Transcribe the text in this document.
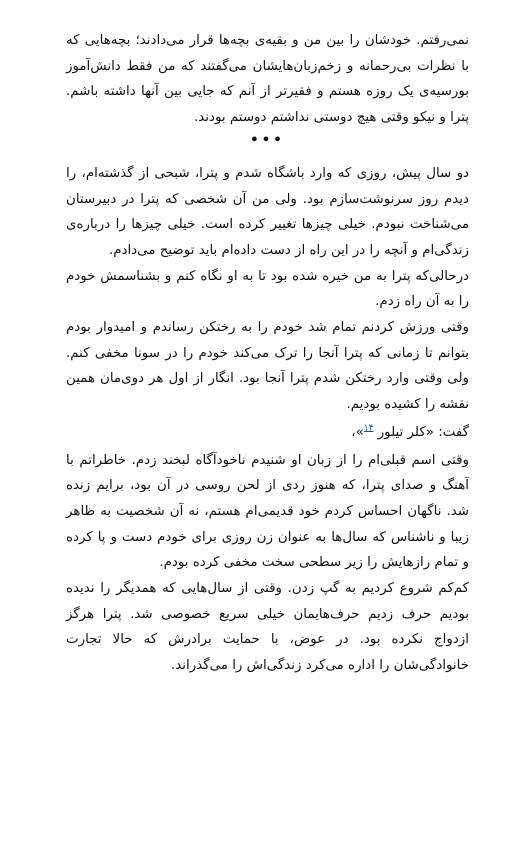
نمی‌رفتم. خودشان را بین من و بقیه‌ی بچه‌ها قرار می‌دادند؛ بچه‌هایی که با نظرات بی‌رحمانه و زخم‌زبان‌هایشان می‌گفتند که من فقط دانش‌آموز بورسیه‌ی یک روزه هستم و فقیرتر از آنم که جایی بین آنها داشته باشم. پترا و نیکو وقتی هیچ دوستی نداشتم دوستم بودند.

•••

دو سال پیش، روزی که وارد باشگاه شدم و پترا، شبحی از گذشته‌ام، را دیدم روز سرنوشت‌سازم بود. ولی من آن شخصی که پترا در دبیرستان می‌شناخت نبودم. خیلی چیزها تغییر کرده است. خیلی چیزها را درباره‌ی زندگی‌ام و آنچه را در این راه از دست داده‌ام باید توضیح می‌دادم.

درحالی‌که پترا به من خیره شده بود تا به او نگاه کنم و بشناسمش خودم را به آن راه زدم.

وقتی ورزش کردنم تمام شد خودم را به رختکن رساندم و امیدوار بودم بتوانم تا زمانی که پترا آنجا را ترک می‌کند خودم را در سونا مخفی کنم. ولی وقتی وارد رختکن شدم پترا آنجا بود. انگار از اول هر دوی‌مان همین نقشه را کشیده بودیم.

گفت: «کلر تیلور $^{۱۴}$»،

وقتی اسم قبلی‌ام را از زبان او شنیدم ناخودآگاه لبخند زدم. خاطراتم با آهنگ و صدای پترا، که هنوز ردی از لحن روسی در آن بود، برایم زنده شد. ناگهان احساس کردم خود قدیمی‌ام هستم، نه آن شخصیت به ظاهر زیبا و ناشناس که سال‌ها به عنوان زن روزی برای خودم دست و پا کرده و تمام رازهایش را زیر سطحی سخت مخفی کرده بودم.

کم‌کم شروع کردیم به گپ زدن. وقتی از سال‌هایی که همدیگر را ندیده بودیم حرف زدیم حرف‌هایمان خیلی سریع خصوصی شد. پترا هرگز ازدواج نکرده بود. در عوض، با حمایت برادرش که حالا تجارت خانوادگی‌شان را اداره می‌کرد زندگی‌اش را می‌گذراند.
